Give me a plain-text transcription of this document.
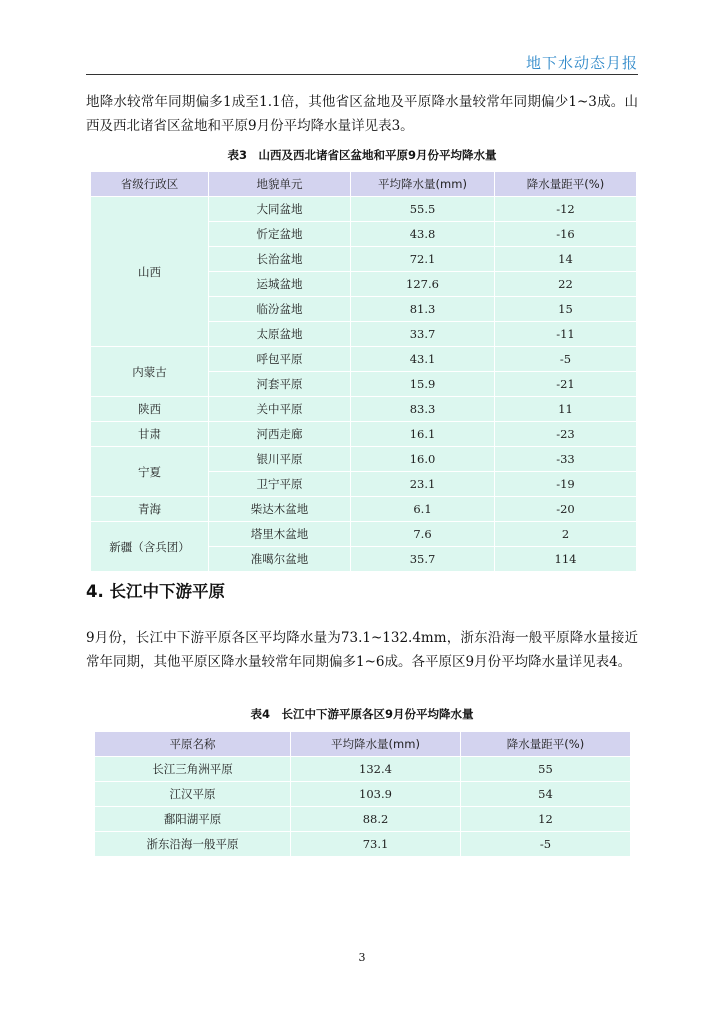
地下水动态月报

地降水较常年同期偏多1成至1.1倍，其他省区盆地及平原降水量较常年同期偏少1~3成。山西及西北诸省区盆地和平原9月份平均降水量详见表3。

表3　山西及西北诸省区盆地和平原9月份平均降水量
省级行政区	地貌单元	平均降水量(mm)	降水量距平(%)
山西	大同盆地	55.5	-12
	忻定盆地	43.8	-16
	长治盆地	72.1	14
	运城盆地	127.6	22
	临汾盆地	81.3	15
	太原盆地	33.7	-11
内蒙古	呼包平原	43.1	-5
	河套平原	15.9	-21
陕西	关中平原	83.3	11
甘肃	河西走廊	16.1	-23
宁夏	银川平原	16.0	-33
	卫宁平原	23.1	-19
青海	柴达木盆地	6.1	-20
新疆（含兵团）	塔里木盆地	7.6	2
	准噶尔盆地	35.7	114
4. 长江中下游平原

9月份，长江中下游平原各区平均降水量为73.1~132.4mm，浙东沿海一般平原降水量接近常年同期，其他平原区降水量较常年同期偏多1~6成。各平原区9月份平均降水量详见表4。

表4　长江中下游平原各区9月份平均降水量
平原名称	平均降水量(mm)	降水量距平(%)
长江三角洲平原	132.4	55
江汉平原	103.9	54
鄱阳湖平原	88.2	12
浙东沿海一般平原	73.1	-5
3
